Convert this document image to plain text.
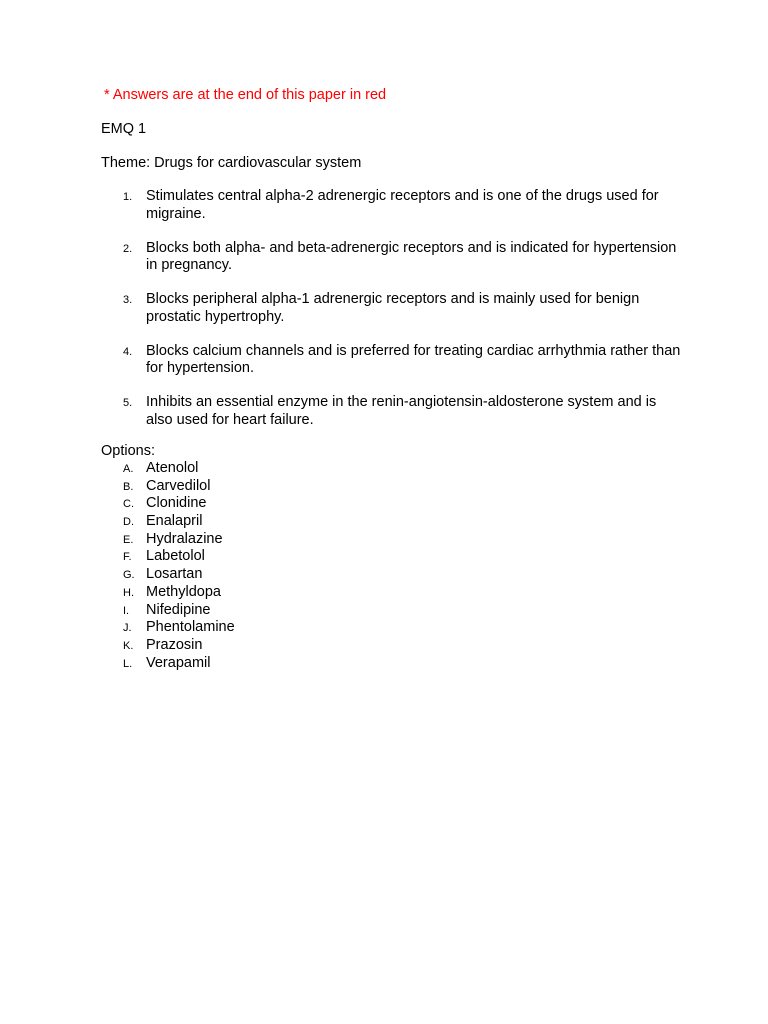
* Answers are at the end of this paper in red
EMQ 1
Theme: Drugs for cardiovascular system
1. Stimulates central alpha-2 adrenergic receptors and is one of the drugs used for migraine.
2. Blocks both alpha- and beta-adrenergic receptors and is indicated for hypertension in pregnancy.
3. Blocks peripheral alpha-1 adrenergic receptors and is mainly used for benign prostatic hypertrophy.
4. Blocks calcium channels and is preferred for treating cardiac arrhythmia rather than for hypertension.
5. Inhibits an essential enzyme in the renin-angiotensin-aldosterone system and is also used for heart failure.
Options:
A. Atenolol
B. Carvedilol
C. Clonidine
D. Enalapril
E. Hydralazine
F. Labetolol
G. Losartan
H. Methyldopa
I. Nifedipine
J. Phentolamine
K. Prazosin
L. Verapamil
